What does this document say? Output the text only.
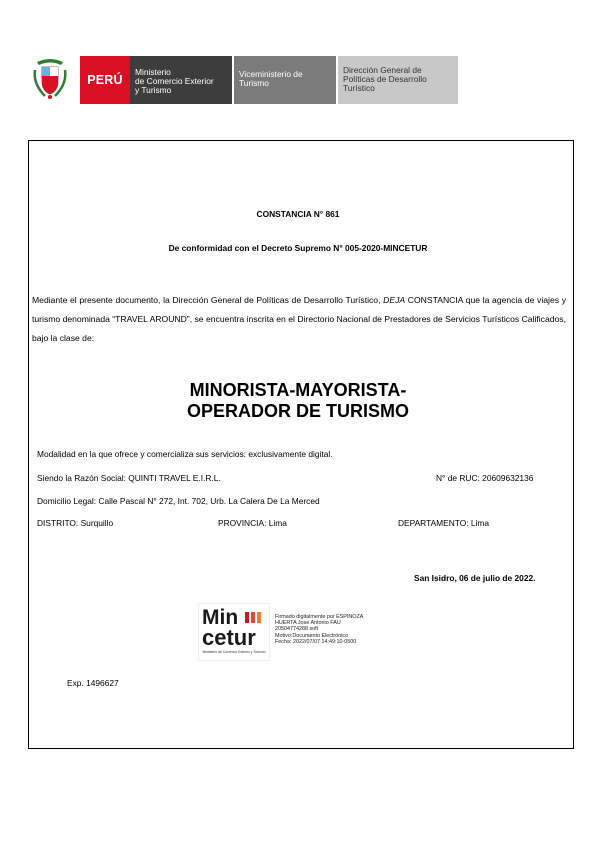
PERÚ
Ministerio
de Comercio Exterior
y Turismo
Viceministerio de
Turismo
Dirección General de
Políticas de Desarrollo
Turístico
CONSTANCIA N° 861
De conformidad con el Decreto Supremo N° 005-2020-MINCETUR
Mediante el presente documento, la Dirección General de Políticas de Desarrollo Turístico, DEJA CONSTANCIA que la agencia de viajes y turismo denominada “TRAVEL AROUND”, se encuentra inscrita en el Directorio Nacional de Prestadores de Servicios Turísticos Calificados, bajo la clase de:
MINORISTA-MAYORISTA-
OPERADOR DE TURISMO
Modalidad en la que ofrece y comercializa sus servicios: exclusivamente digital.
Siendo la Razón Social: QUINTI TRAVEL E.I.R.L.	N° de RUC: 20609632136
Domicilio Legal: Calle Pascal N° 272, Int. 702, Urb. La Calera De La Merced
DISTRITO: Surquillo	PROVINCIA: Lima	DEPARTAMENTO: Lima
San Isidro, 06 de julio de 2022.
Min
cetur
Ministerio de Comercio Exterior y Turismo
Firmado digitalmente por ESPINOZA
HUERTA Jose Antonio FAU
20504774288 soft
Motivo:Documento Electrónico
Fecha: 2022/07/07 14:49:10-0500
Exp. 1496627
